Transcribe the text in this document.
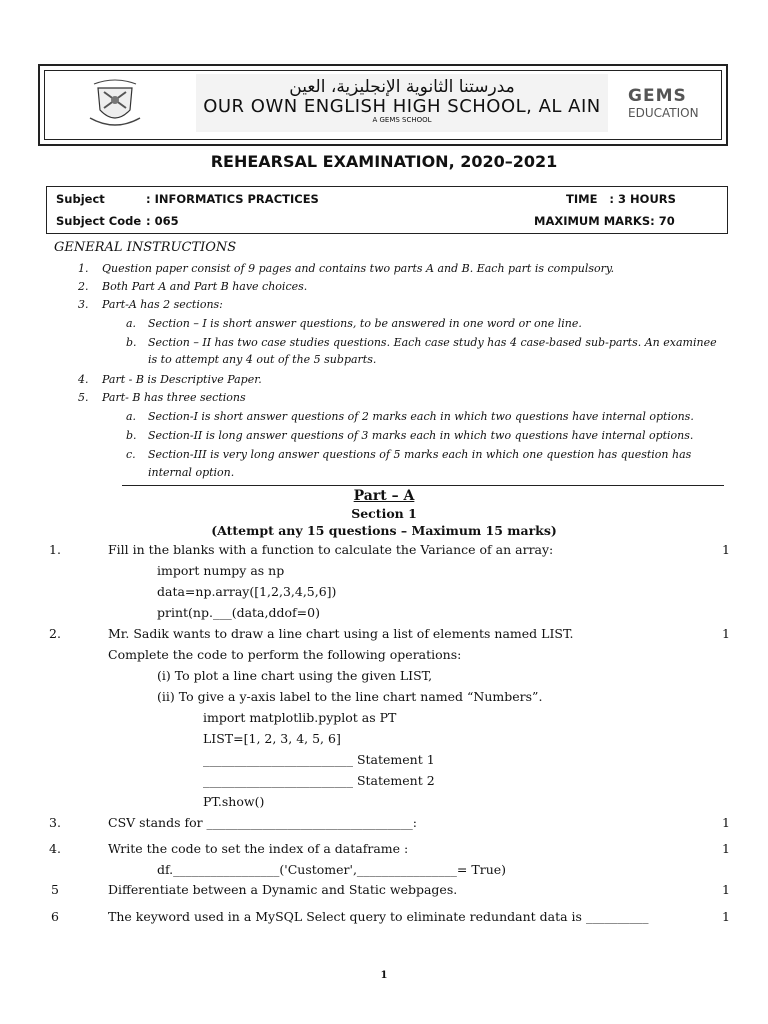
مدرستنا الثانوية الإنجليزية، العين
OUR OWN ENGLISH HIGH SCHOOL, AL AIN
A GEMS SCHOOL
GEMS
EDUCATION
REHEARSAL EXAMINATION, 2020–2021
Subject	: INFORMATICS PRACTICES
Subject Code : 065
TIME   : 3 HOURS
MAXIMUM MARKS: 70
GENERAL INSTRUCTIONS
1. Question paper consist of 9 pages and contains two parts A and B. Each part is compulsory.
2. Both Part A and Part B have choices.
3. Part-A has 2 sections:
a. Section – I is short answer questions, to be answered in one word or one line.
b. Section – II has two case studies questions. Each case study has 4 case-based sub-parts. An examinee
is to attempt any 4 out of the 5 subparts.
4. Part - B is Descriptive Paper.
5. Part- B has three sections
a. Section-I is short answer questions of 2 marks each in which two questions have internal options.
b. Section-II is long answer questions of 3 marks each in which two questions have internal options.
c. Section-III is very long answer questions of 5 marks each in which one question has question has
internal option.
Part – A
Section 1
(Attempt any 15 questions – Maximum 15 marks)
1.	Fill in the blanks with a function to calculate the Variance of an array:	1
import numpy as np
data=np.array([1,2,3,4,5,6])
print(np.___(data,ddof=0)
2.	Mr. Sadik wants to draw a line chart using a list of elements named LIST.	1
Complete the code to perform the following operations:
(i) To plot a line chart using the given LIST,
(ii) To give a y-axis label to the line chart named “Numbers”.
import matplotlib.pyplot as PT
LIST=[1, 2, 3, 4, 5, 6]
________________________ Statement 1
________________________ Statement 2
PT.show()
3.	CSV stands for _________________________________:	1
4.	Write the code to set the index of a dataframe :	1
df._________________('Customer',________________= True)
5	Differentiate between a Dynamic and Static webpages.	1
6	The keyword used in a MySQL Select query to eliminate redundant data is __________	1
1
